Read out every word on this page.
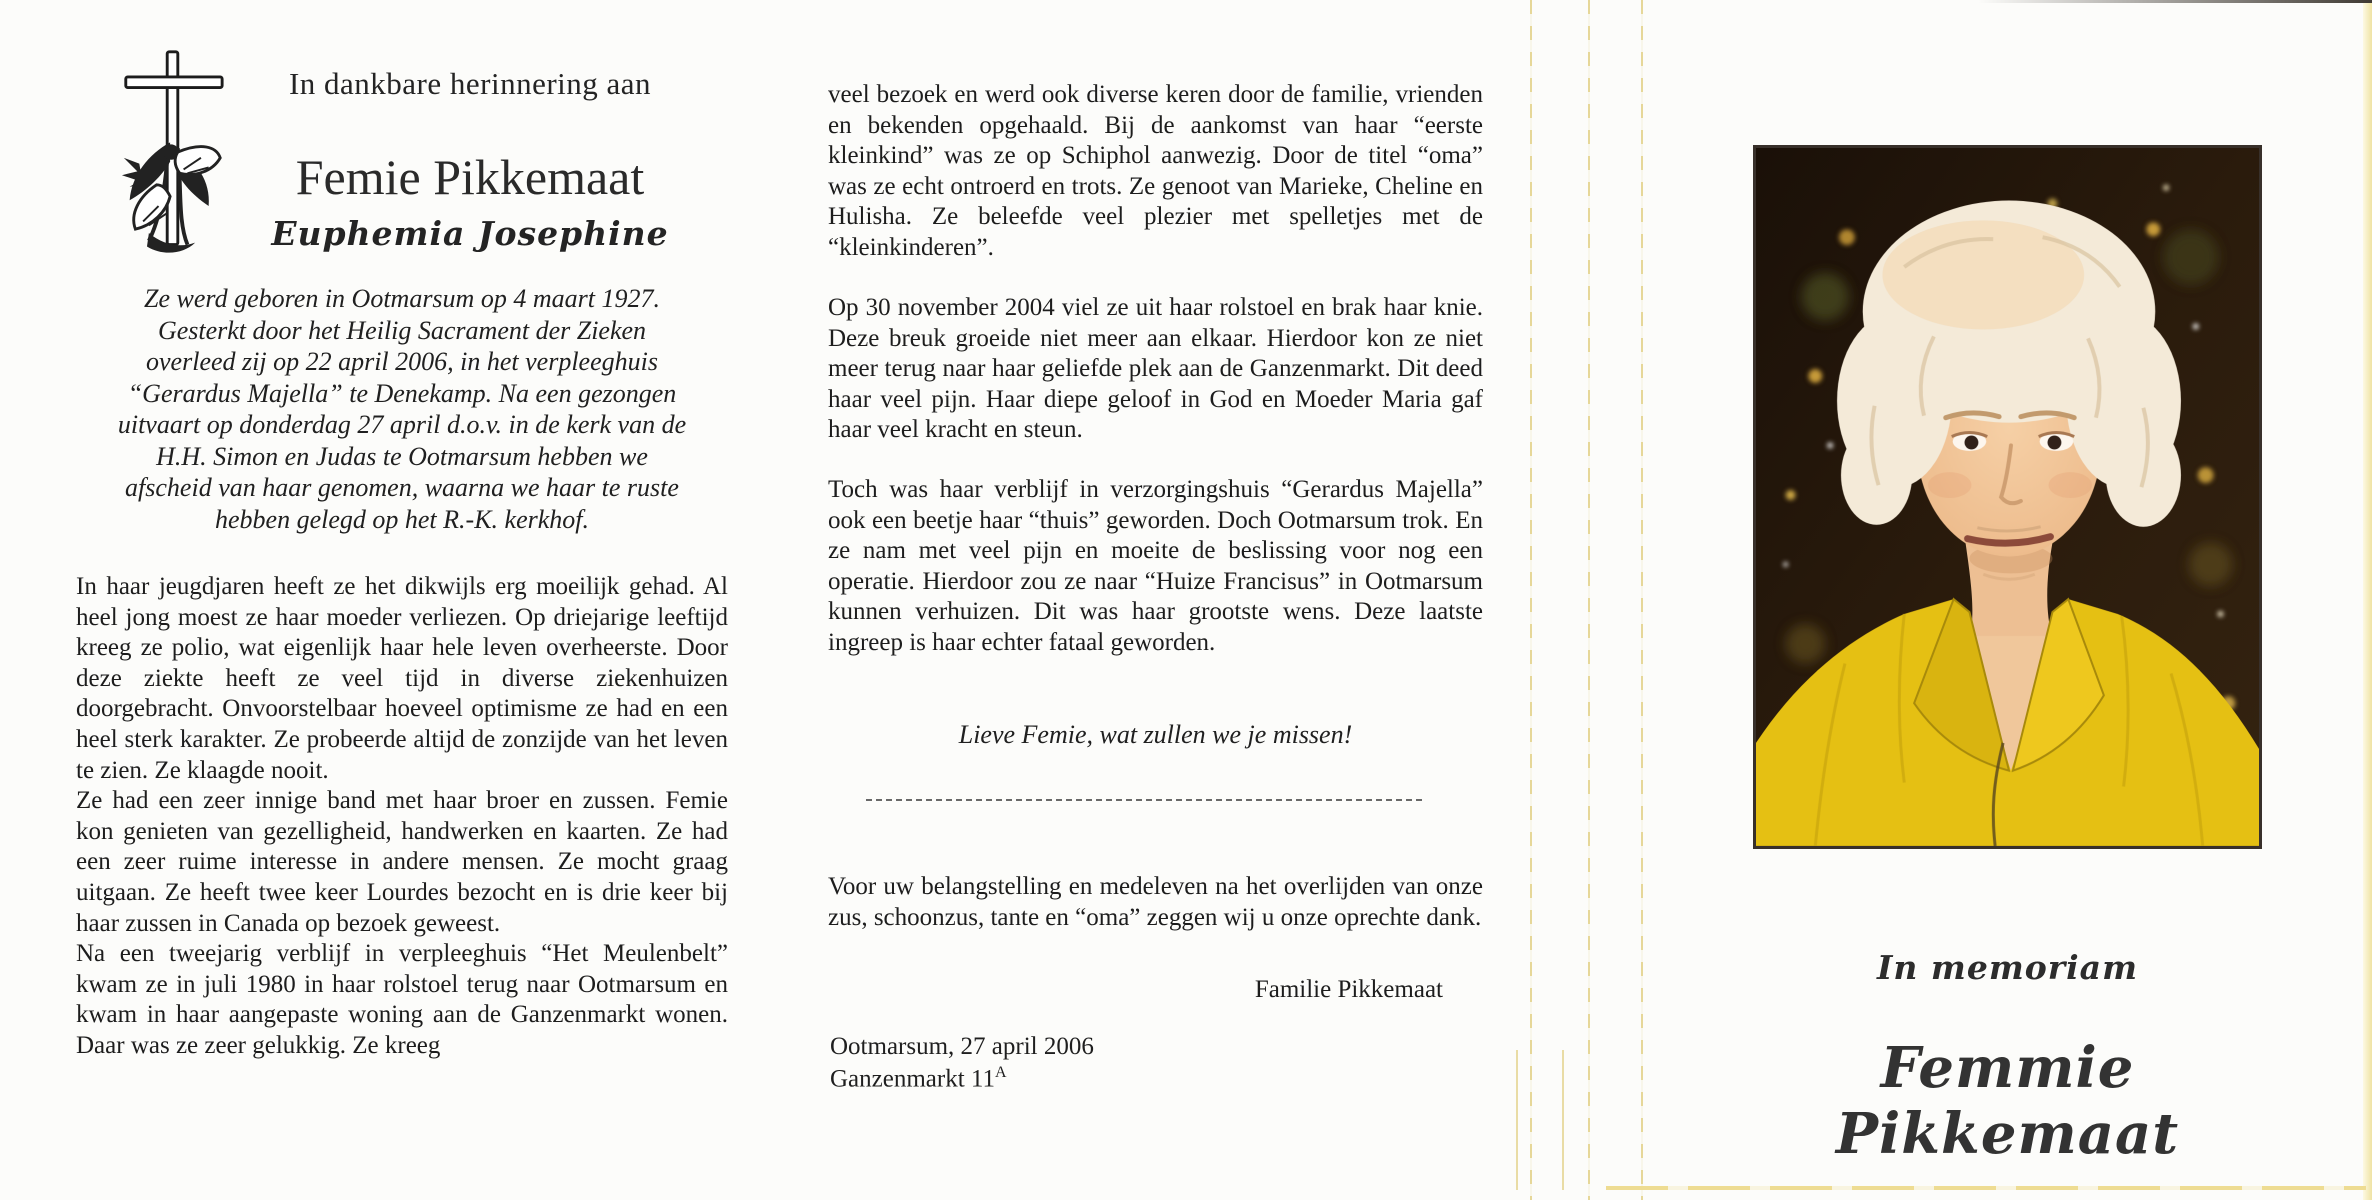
In dankbare herinnering aan
Femie Pikkemaat
Euphemia Josephine
Ze werd geboren in Ootmarsum op 4 maart 1927.
Gesterkt door het Heilig Sacrament der Zieken
overleed zij op 22 april 2006, in het verpleeghuis
“Gerardus Majella” te Denekamp. Na een gezongen
uitvaart op donderdag 27 april d.o.v. in de kerk van de
H.H. Simon en Judas te Ootmarsum hebben we
afscheid van haar genomen, waarna we haar te ruste
hebben gelegd op het R.-K. kerkhof.

In haar jeugdjaren heeft ze het dikwijls erg moeilijk gehad. Al heel jong moest ze haar moeder verliezen. Op driejarige leeftijd kreeg ze polio, wat eigenlijk haar hele leven overheerste. Door deze ziekte heeft ze veel tijd in diverse ziekenhuizen doorgebracht. Onvoorstelbaar hoeveel optimisme ze had en een heel sterk karakter. Ze probeerde altijd de zonzijde van het leven te zien. Ze klaagde nooit.

Ze had een zeer innige band met haar broer en zussen. Femie kon genieten van gezelligheid, handwerken en kaarten. Ze had een zeer ruime interesse in andere mensen. Ze mocht graag uitgaan. Ze heeft twee keer Lourdes bezocht en is drie keer bij haar zussen in Canada op bezoek geweest.

Na een tweejarig verblijf in verpleeghuis “Het Meulenbelt” kwam ze in juli 1980 in haar rolstoel terug naar Ootmarsum en kwam in haar aangepaste woning aan de Ganzenmarkt wonen. Daar was ze zeer gelukkig. Ze kreeg

veel bezoek en werd ook diverse keren door de familie, vrienden en bekenden opgehaald. Bij de aankomst van haar “eerste kleinkind” was ze op Schiphol aanwezig. Door de titel “oma” was ze echt ontroerd en trots. Ze genoot van Marieke, Cheline en Hulisha. Ze beleefde veel plezier met spelletjes met de “kleinkinderen”.

Op 30 november 2004 viel ze uit haar rolstoel en brak haar knie. Deze breuk groeide niet meer aan elkaar. Hierdoor kon ze niet meer terug naar haar geliefde plek aan de Ganzenmarkt. Dit deed haar veel pijn. Haar diepe geloof in God en Moeder Maria gaf haar veel kracht en steun.

Toch was haar verblijf in verzorgingshuis “Gerardus Majella” ook een beetje haar “thuis” geworden. Doch Ootmarsum trok. En ze nam met veel pijn en moeite de beslissing voor nog een operatie. Hierdoor zou ze naar “Huize Francisus” in Ootmarsum kunnen verhuizen. Dit was haar grootste wens. Deze laatste ingreep is haar echter fataal geworden.

Lieve Femie, wat zullen we je missen!

Voor uw belangstelling en medeleven na het overlijden van onze zus, schoonzus, tante en “oma” zeggen wij u onze oprechte dank.

Familie Pikkemaat
Ootmarsum, 27 april 2006
Ganzenmarkt $11^A$
In memoriam
Femmie Pikkemaat
